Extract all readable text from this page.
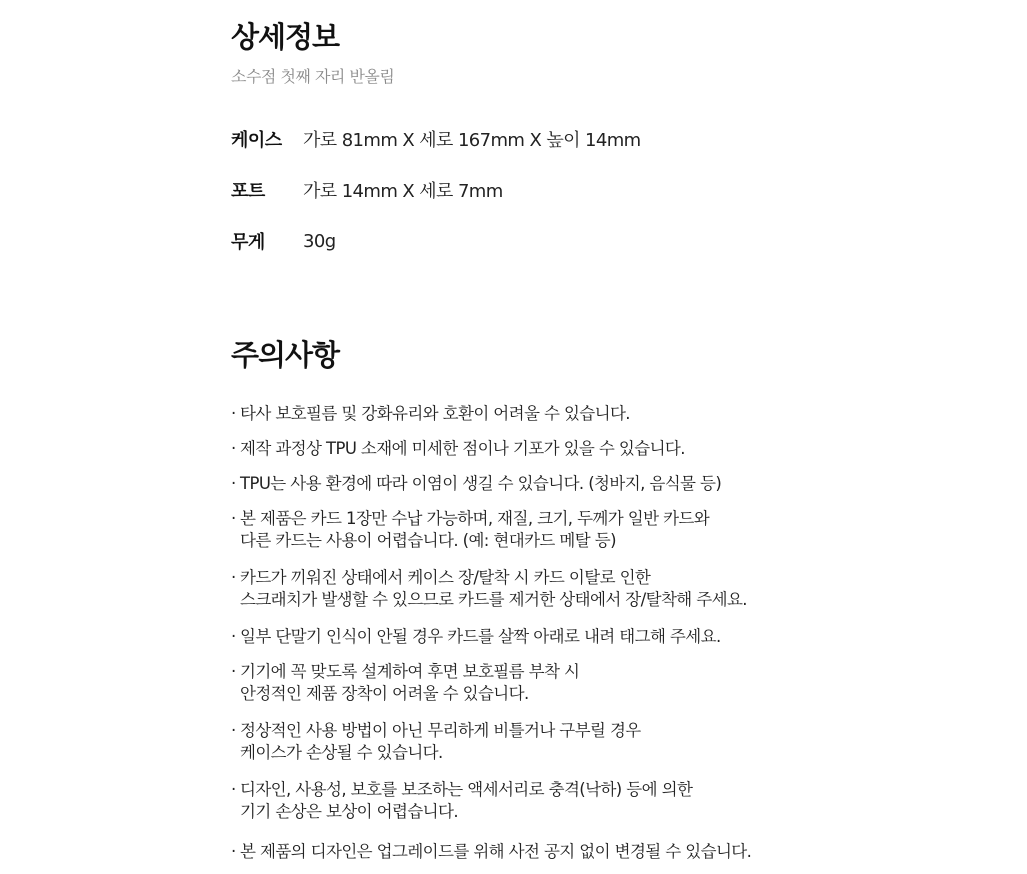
상세정보
소수점 첫째 자리 반올림
케이스	가로 81mm X 세로 167mm X 높이 14mm
포트	가로 14mm X 세로 7mm
무게	30g
주의사항
· 타사 보호필름 및 강화유리와 호환이 어려울 수 있습니다.
· 제작 과정상 TPU 소재에 미세한 점이나 기포가 있을 수 있습니다.
· TPU는 사용 환경에 따라 이염이 생길 수 있습니다. (청바지, 음식물 등)
· 본 제품은 카드 1장만 수납 가능하며, 재질, 크기, 두께가 일반 카드와
다른 카드는 사용이 어렵습니다. (예: 현대카드 메탈 등)
· 카드가 끼워진 상태에서 케이스 장/탈착 시 카드 이탈로 인한
스크래치가 발생할 수 있으므로 카드를 제거한 상태에서 장/탈착해 주세요.
· 일부 단말기 인식이 안될 경우 카드를 살짝 아래로 내려 태그해 주세요.
· 기기에 꼭 맞도록 설계하여 후면 보호필름 부착 시
안정적인 제품 장착이 어려울 수 있습니다.
· 정상적인 사용 방법이 아닌 무리하게 비틀거나 구부릴 경우
케이스가 손상될 수 있습니다.
· 디자인, 사용성, 보호를 보조하는 액세서리로 충격(낙하) 등에 의한
기기 손상은 보상이 어렵습니다.
· 본 제품의 디자인은 업그레이드를 위해 사전 공지 없이 변경될 수 있습니다.
